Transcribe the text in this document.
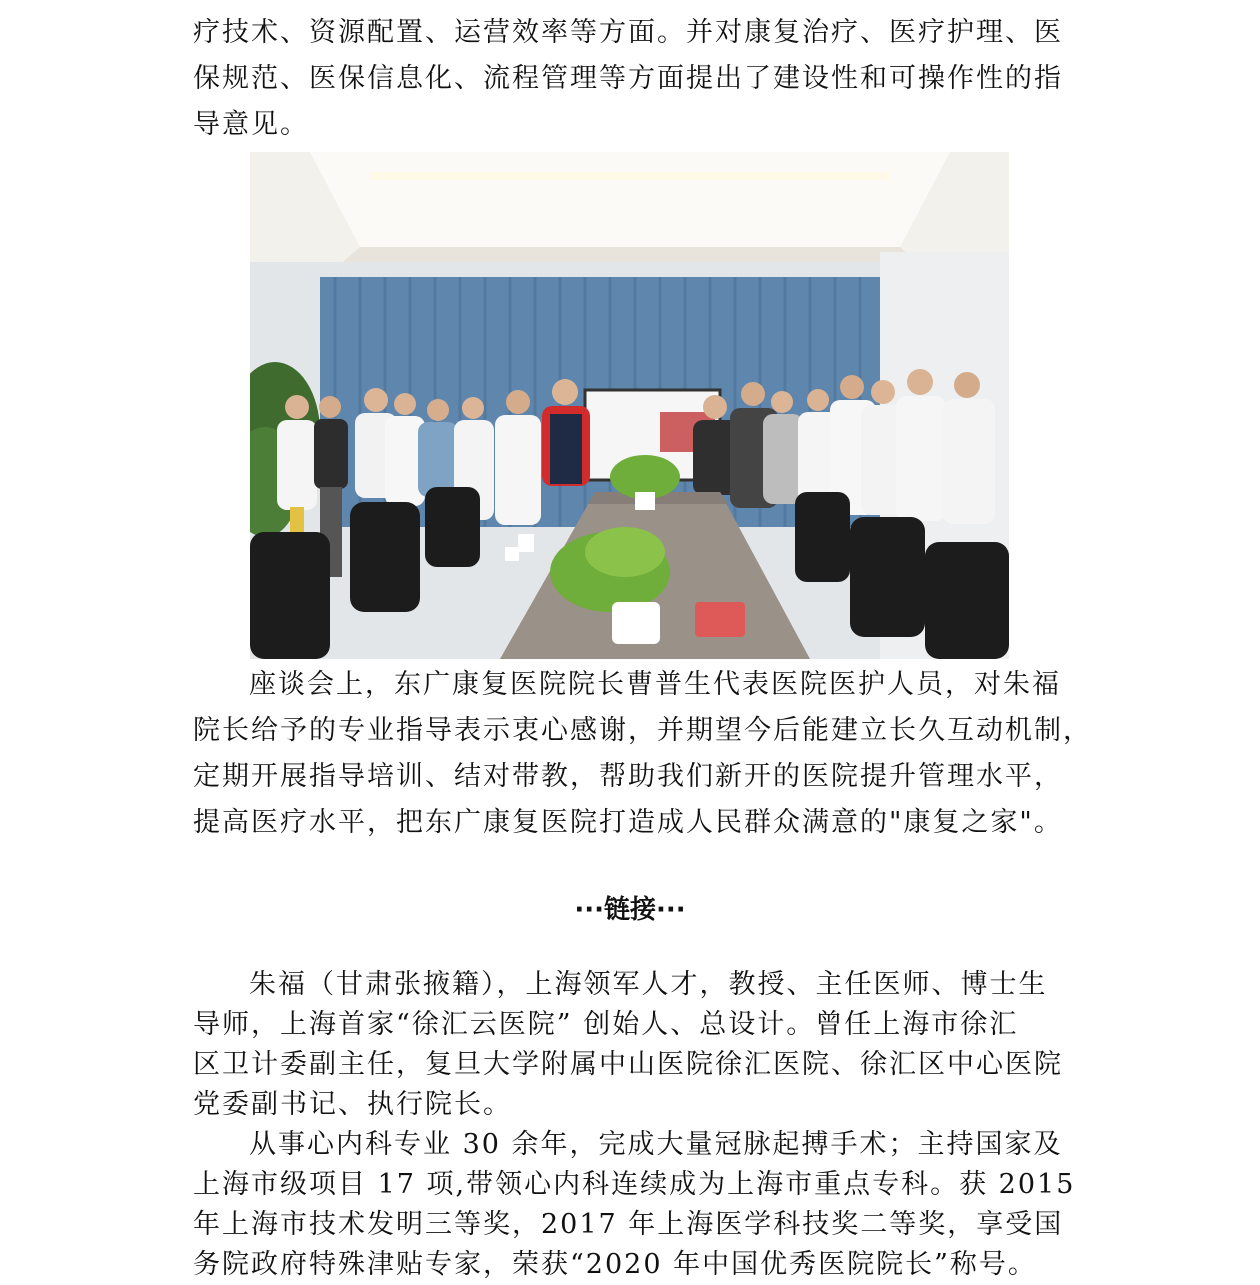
疗技术、资源配置、运营效率等方面。并对康复治疗、医疗护理、医
保规范、医保信息化、流程管理等方面提出了建设性和可操作性的指
导意见。
座谈会上，东广康复医院院长曹普生代表医院医护人员，对朱福
院长给予的专业指导表示衷心感谢，并期望今后能建立长久互动机制，
定期开展指导培训、结对带教，帮助我们新开的医院提升管理水平，
提高医疗水平，把东广康复医院打造成人民群众满意的"康复之家"。
···链接···
朱福（甘肃张掖籍），上海领军人才，教授、主任医师、博士生
导师，上海首家“徐汇云医院” 创始人、总设计。曾任上海市徐汇
区卫计委副主任，复旦大学附属中山医院徐汇医院、徐汇区中心医院
党委副书记、执行院长。
从事心内科专业 30 余年，完成大量冠脉起搏手术；主持国家及
上海市级项目 17 项,带领心内科连续成为上海市重点专科。获 2015
年上海市技术发明三等奖，2017 年上海医学科技奖二等奖，享受国
务院政府特殊津贴专家，荣获“2020 年中国优秀医院院长”称号。
